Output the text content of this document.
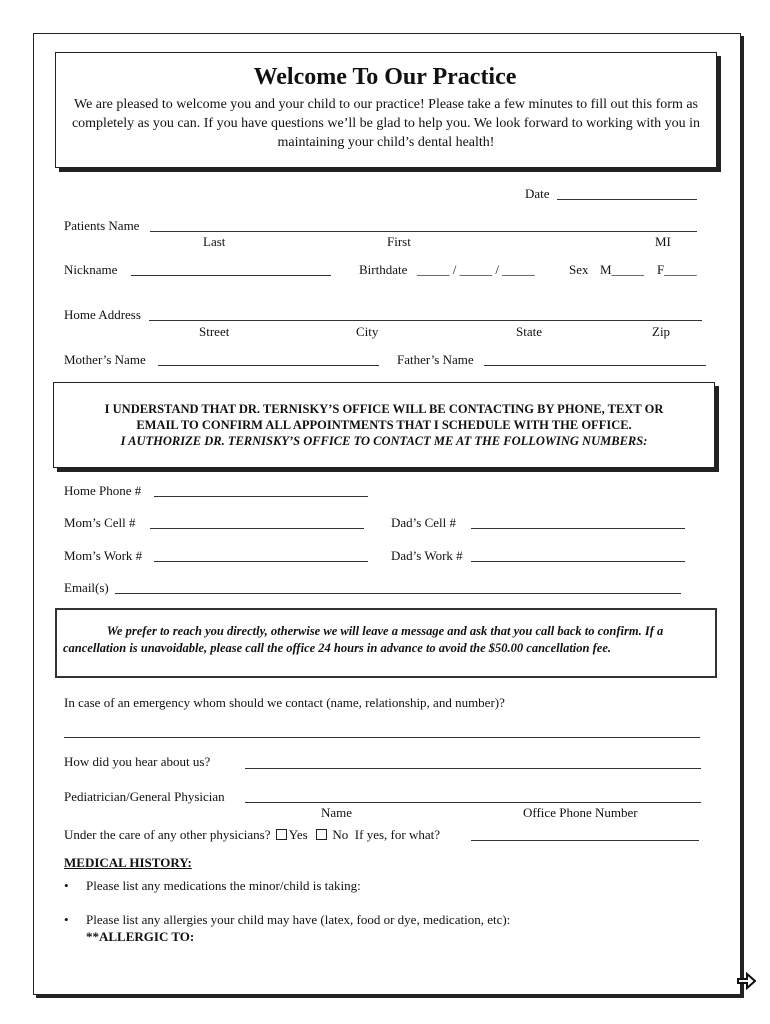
Welcome To Our Practice
We are pleased to welcome you and your child to our practice! Please take a few minutes to fill out this form as completely as you can. If you have questions we’ll be glad to help you. We look forward to working with you in maintaining your child’s dental health!
Date
Patients Name
Last	First	MI
Nickname	Birthdate _____ / _____ / _____	Sex M_____ F_____
Home Address
Street	City	State	Zip
Mother’s Name	Father’s Name
I UNDERSTAND THAT DR. TERNISKY’S OFFICE WILL BE CONTACTING BY PHONE, TEXT OR
EMAIL TO CONFIRM ALL APPOINTMENTS THAT I SCHEDULE WITH THE OFFICE.
I AUTHORIZE DR. TERNISKY’S OFFICE TO CONTACT ME AT THE FOLLOWING NUMBERS:
Home Phone #
Mom’s Cell #	Dad’s Cell #
Mom’s Work #	Dad’s Work #
Email(s)
We prefer to reach you directly, otherwise we will leave a message and ask that you call back to confirm. If a
cancellation is unavoidable, please call the office 24 hours in advance to avoid the $50.00 cancellation fee.
In case of an emergency whom should we contact (name, relationship, and number)?
How did you hear about us?
Pediatrician/General Physician
Name	Office Phone Number
Under the care of any other physicians? Yes No If yes, for what?
MEDICAL HISTORY:
• Please list any medications the minor/child is taking:
• Please list any allergies your child may have (latex, food or dye, medication, etc):
**ALLERGIC TO:
